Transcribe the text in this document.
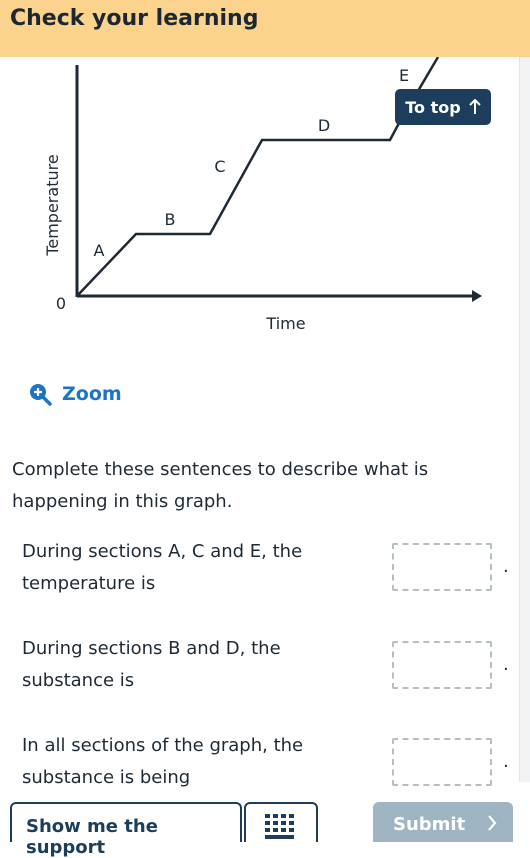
Check your learning
Temperature
Time
0
A
B
C
D
E
To top
Zoom
Complete these sentences to describe what is happening in this graph.
During sections A, C and E, the temperature is
.
During sections B and D, the substance is
.
In all sections of the graph, the substance is being
.
Show me the support
Submit
